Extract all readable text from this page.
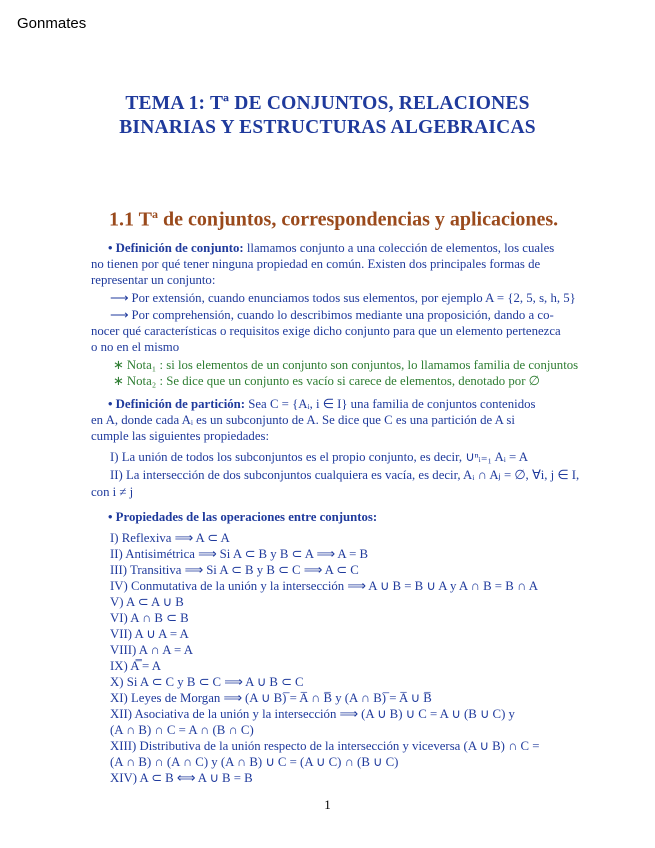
Gonmates
TEMA 1: Tª DE CONJUNTOS, RELACIONES
BINARIAS Y ESTRUCTURAS ALGEBRAICAS
1.1 $T^a$ de conjuntos, correspondencias y aplicaciones.
• Definición de conjunto: llamamos conjunto a una colección de elementos, los cuales
no tienen por qué tener ninguna propiedad en común. Existen dos principales formas de
representar un conjunto:
⟶ Por extensión, cuando enunciamos todos sus elementos, por ejemplo A = {2, 5, s, h, 5}
⟶ Por comprehensión, cuando lo describimos mediante una proposición, dando a co-
nocer qué características o requisitos exige dicho conjunto para que un elemento pertenezca
o no en el mismo
∗ Nota₁ : si los elementos de un conjunto son conjuntos, lo llamamos familia de conjuntos
∗ Nota₂ : Se dice que un conjunto es vacío si carece de elementos, denotado por ∅
• Definición de partición: Sea C = {Aᵢ, i ∈ I} una familia de conjuntos contenidos
en A, donde cada Aᵢ es un subconjunto de A. Se dice que C es una partición de A si
cumple las siguientes propiedades:
I) La unión de todos los subconjuntos es el propio conjunto, es decir, ∪ⁿᵢ₌₁ Aᵢ = A
II) La intersección de dos subconjuntos cualquiera es vacía, es decir, Aᵢ ∩ Aⱼ = ∅, ∀i, j ∈ I,
con i ≠ j
• Propiedades de las operaciones entre conjuntos:
I) Reflexiva ⟹ A ⊂ A
II) Antisimétrica ⟹ Si A ⊂ B y B ⊂ A ⟹ A = B
III) Transitiva ⟹ Si A ⊂ B y B ⊂ C ⟹ A ⊂ C
IV) Conmutativa de la unión y la intersección ⟹ A ∪ B = B ∪ A y A ∩ B = B ∩ A
V) A ⊂ A ∪ B
VI) A ∩ B ⊂ B
VII) A ∪ A = A
VIII) A ∩ A = A
IX) A̿ = A
X) Si A ⊂ C y B ⊂ C ⟹ A ∪ B ⊂ C
XI) Leyes de Morgan ⟹ (A ∪ B)̅ = A̅ ∩ B̅ y (A ∩ B)̅ = A̅ ∪ B̅
XII) Asociativa de la unión y la intersección ⟹ (A ∪ B) ∪ C = A ∪ (B ∪ C) y
(A ∩ B) ∩ C = A ∩ (B ∩ C)
XIII) Distributiva de la unión respecto de la intersección y viceversa (A ∪ B) ∩ C =
(A ∩ B) ∩ (A ∩ C) y (A ∩ B) ∪ C = (A ∪ C) ∩ (B ∪ C)
XIV) A ⊂ B ⟺ A ∪ B = B
1
